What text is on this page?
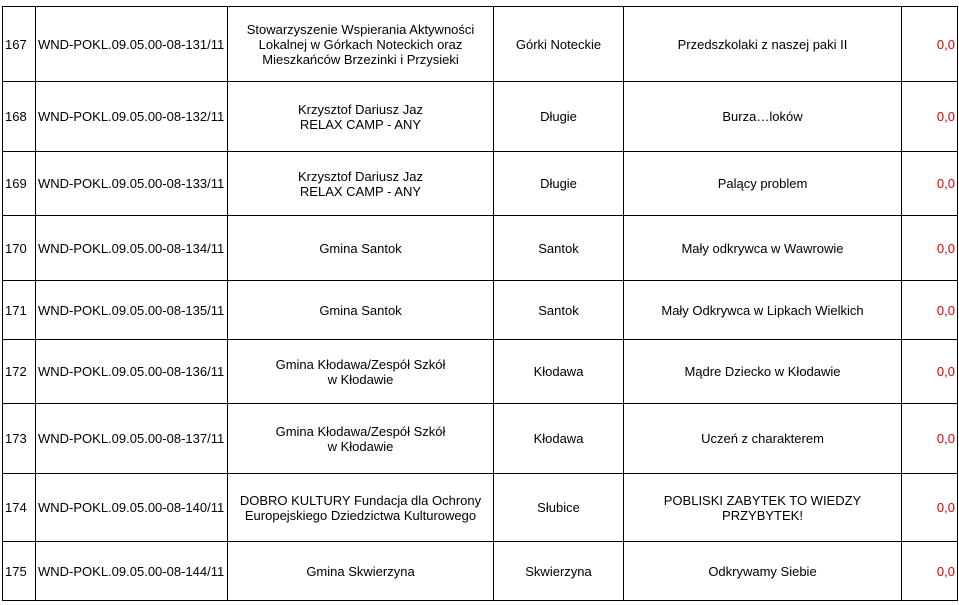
167	WND-POKL.09.05.00-08-131/11	Stowarzyszenie Wspierania Aktywności
Lokalnej w Górkach Noteckich oraz
Mieszkańców Brzezinki i Przysieki	Górki Noteckie	Przedszkolaki z naszej paki II	0,0
168	WND-POKL.09.05.00-08-132/11	Krzysztof Dariusz Jaz
RELAX CAMP - ANY	Długie	Burza…loków	0,0
169	WND-POKL.09.05.00-08-133/11	Krzysztof Dariusz Jaz
RELAX CAMP - ANY	Długie	Palący problem	0,0
170	WND-POKL.09.05.00-08-134/11	Gmina Santok	Santok	Mały odkrywca w Wawrowie	0,0
171	WND-POKL.09.05.00-08-135/11	Gmina Santok	Santok	Mały Odkrywca w Lipkach Wielkich	0,0
172	WND-POKL.09.05.00-08-136/11	Gmina Kłodawa/Zespół Szkół
w Kłodawie	Kłodawa	Mądre Dziecko w Kłodawie	0,0
173	WND-POKL.09.05.00-08-137/11	Gmina Kłodawa/Zespół Szkół
w Kłodawie	Kłodawa	Uczeń z charakterem	0,0
174	WND-POKL.09.05.00-08-140/11	DOBRO KULTURY Fundacja dla Ochrony
Europejskiego Dziedzictwa Kulturowego	Słubice	POBLISKI ZABYTEK TO WIEDZY PRZYBYTEK!	0,0
175	WND-POKL.09.05.00-08-144/11	Gmina Skwierzyna	Skwierzyna	Odkrywamy Siebie	0,0
